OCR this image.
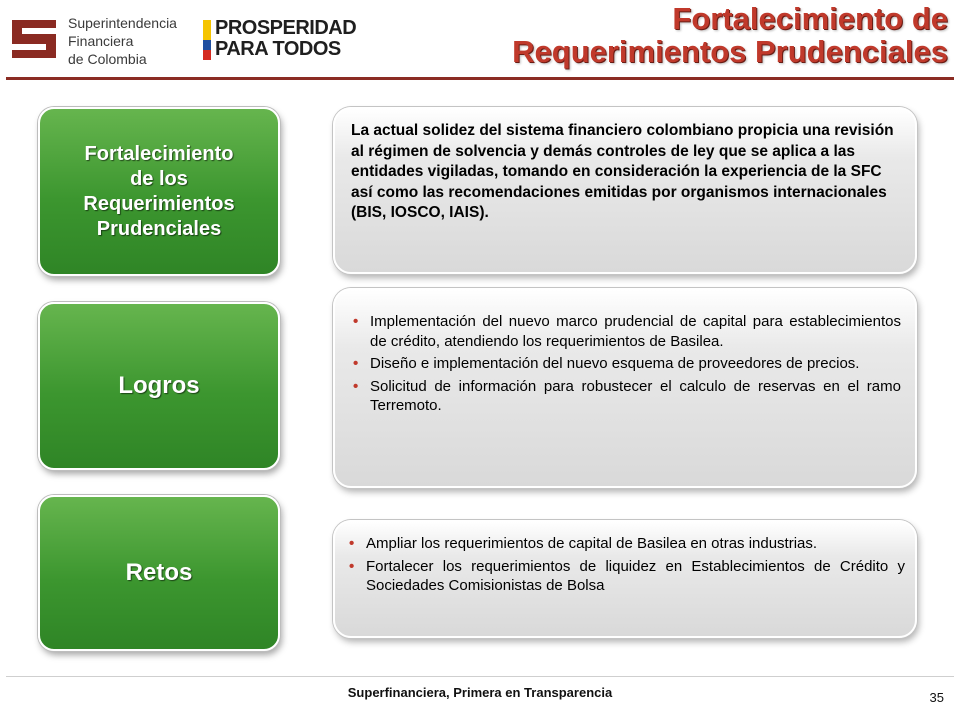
Superintendencia
Financiera
de Colombia
PROSPERIDAD
PARA TODOS
Fortalecimiento de
Requerimientos Prudenciales
Fortalecimiento
de los
Requerimientos
Prudenciales
Logros
Retos
La actual solidez del sistema financiero colombiano propicia una revisión al régimen de solvencia y demás controles de ley que se aplica a las entidades vigiladas, tomando en consideración la experiencia de la SFC así como las recomendaciones emitidas por organismos internacionales (BIS, IOSCO, IAIS).
• Implementación del nuevo marco prudencial de capital para establecimientos de crédito, atendiendo los requerimientos de Basilea.
• Diseño e implementación del nuevo esquema de proveedores de precios.
• Solicitud de información para robustecer el calculo de reservas en el ramo Terremoto.
• Ampliar los requerimientos de capital de Basilea en otras industrias.
• Fortalecer los requerimientos de liquidez en Establecimientos de Crédito y Sociedades Comisionistas de Bolsa
Superfinanciera, Primera en Transparencia	35
